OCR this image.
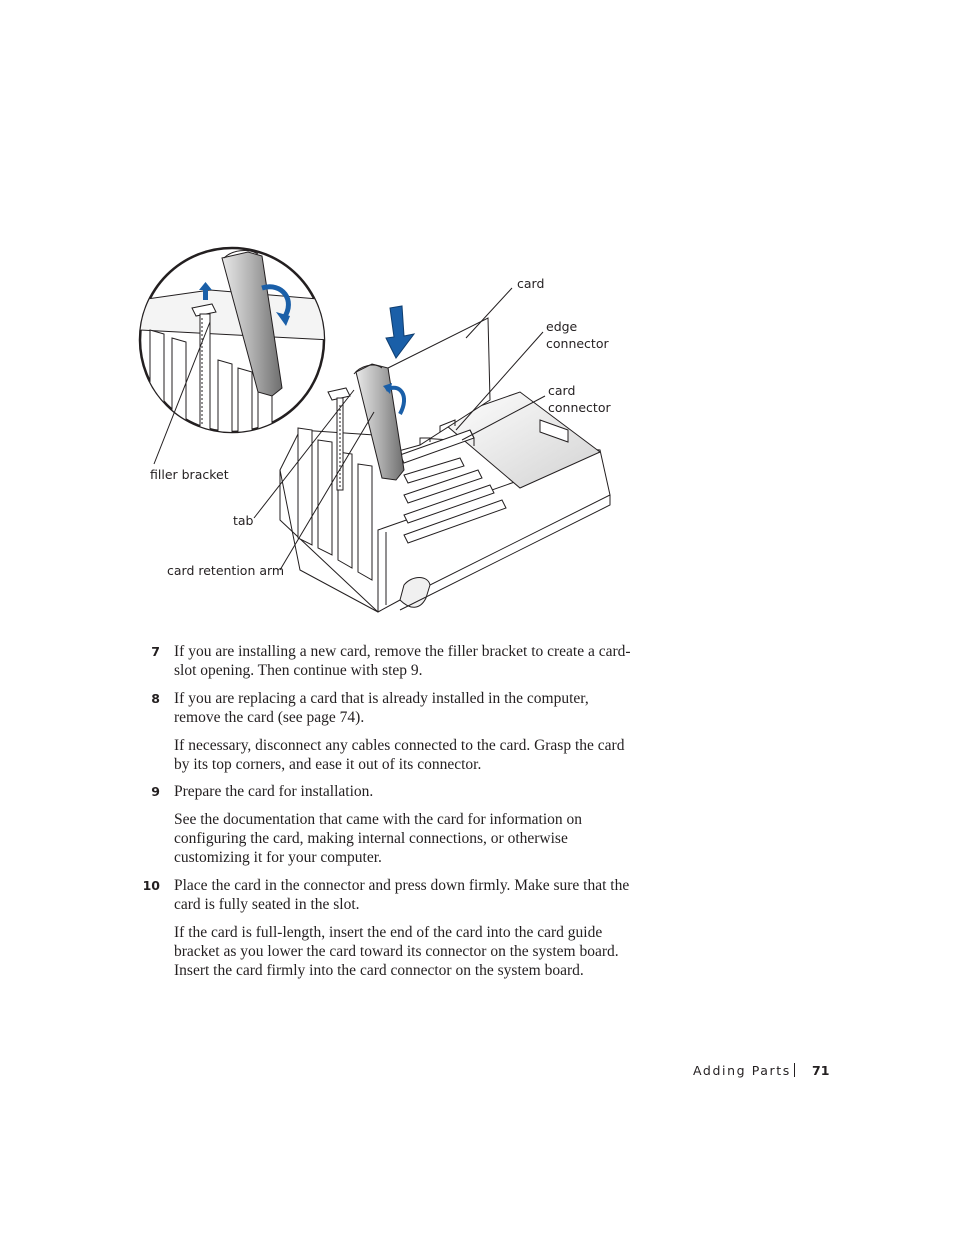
card
edge
connector
card
connector
filler bracket
tab
card retention arm
7 If you are installing a new card, remove the filler bracket to create a card-slot opening. Then continue with step 9.
8 If you are replacing a card that is already installed in the computer, remove the card (see page 74).
If necessary, disconnect any cables connected to the card. Grasp the card by its top corners, and ease it out of its connector.
9 Prepare the card for installation.
See the documentation that came with the card for information on configuring the card, making internal connections, or otherwise customizing it for your computer.
10 Place the card in the connector and press down firmly. Make sure that the card is fully seated in the slot.
If the card is full-length, insert the end of the card into the card guide bracket as you lower the card toward its connector on the system board. Insert the card firmly into the card connector on the system board.
Adding Parts 71
